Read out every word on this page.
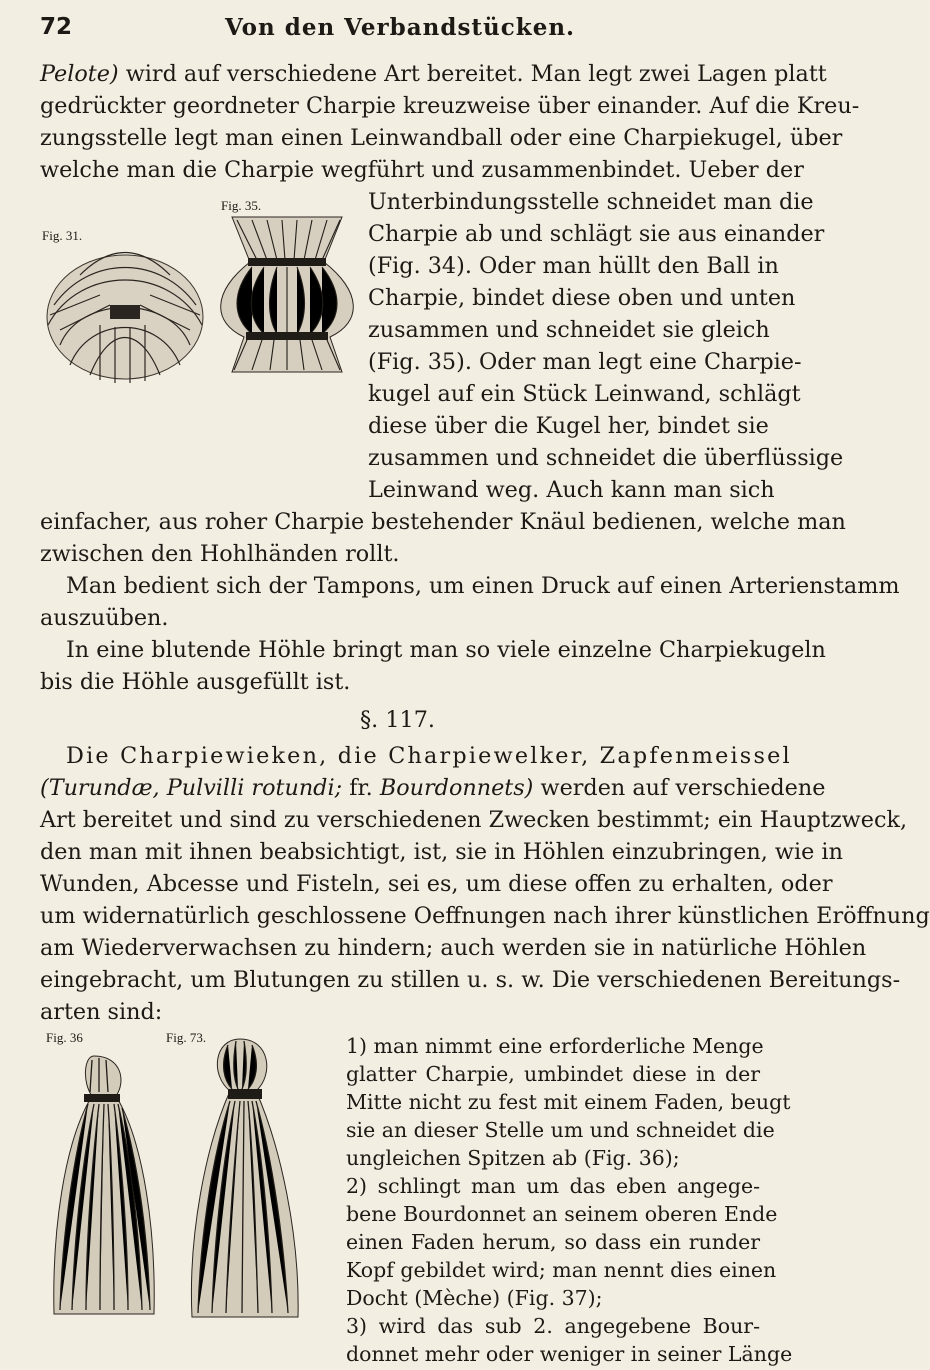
72	Von den Verbandstücken.
Pelote) wird auf verschiedene Art bereitet. Man legt zwei Lagen platt
gedrückter geordneter Charpie kreuzweise über einander. Auf die Kreu-
zungsstelle legt man einen Leinwandball oder eine Charpiekugel, über
welche man die Charpie wegführt und zusammenbindet. Ueber der
Unterbindungsstelle schneidet man die
Charpie ab und schlägt sie aus einander
(Fig. 34). Oder man hüllt den Ball in
Charpie, bindet diese oben und unten
zusammen und schneidet sie gleich
(Fig. 35). Oder man legt eine Charpie-
kugel auf ein Stück Leinwand, schlägt
diese über die Kugel her, bindet sie
zusammen und schneidet die überflüssige
Leinwand weg. Auch kann man sich
einfacher, aus roher Charpie bestehender Knäul bedienen, welche man
zwischen den Hohlhänden rollt.
Fig. 35.
Fig. 31.
Man bedient sich der Tampons, um einen Druck auf einen Arterienstamm
auszuüben.
In eine blutende Höhle bringt man so viele einzelne Charpiekugeln
bis die Höhle ausgefüllt ist.
§. 117.
Die Charpiewieken, die Charpiewelker, Zapfenmeissel
(Turundæ, Pulvilli rotundi; fr. Bourdonnets) werden auf verschiedene
Art bereitet und sind zu verschiedenen Zwecken bestimmt; ein Hauptzweck,
den man mit ihnen beabsichtigt, ist, sie in Höhlen einzubringen, wie in
Wunden, Abcesse und Fisteln, sei es, um diese offen zu erhalten, oder
um widernatürlich geschlossene Oeffnungen nach ihrer künstlichen Eröffnung
am Wiederverwachsen zu hindern; auch werden sie in natürliche Höhlen
eingebracht, um Blutungen zu stillen u. s. w. Die verschiedenen Bereitungs-
arten sind:
Fig. 36	Fig. 73.	1) man nimmt eine erforderliche Menge
glatter Charpie, umbindet diese in der
Mitte nicht zu fest mit einem Faden, beugt
sie an dieser Stelle um und schneidet die
ungleichen Spitzen ab (Fig. 36);
2) schlingt man um das eben angege-
bene Bourdonnet an seinem oberen Ende
einen Faden herum, so dass ein runder
Kopf gebildet wird; man nennt dies einen
Docht (Mèche) (Fig. 37);
3) wird das sub 2. angegebene Bour-
donnet mehr oder weniger in seiner Länge
